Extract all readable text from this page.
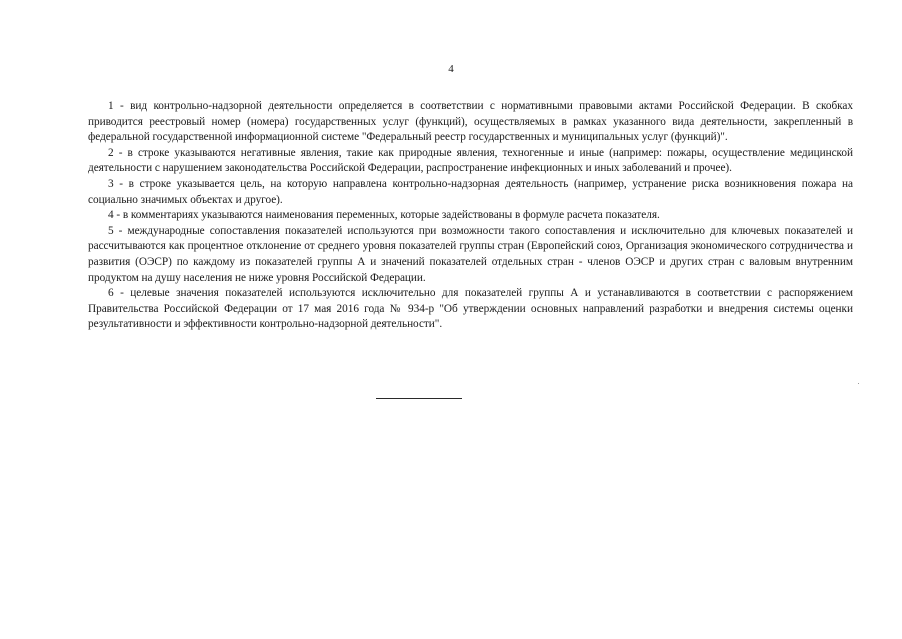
4

1 - вид контрольно-надзорной деятельности определяется в соответствии с нормативными правовыми актами Российской Федерации. В скобках приводится реестровый номер (номера) государственных услуг (функций), осуществляемых в рамках указанного вида деятельности, закрепленный в федеральной государственной информационной системе "Федеральный реестр государственных и муниципальных услуг (функций)".

2 - в строке указываются негативные явления, такие как природные явления, техногенные и иные (например: пожары, осуществление медицинской деятельности с нарушением законодательства Российской Федерации, распространение инфекционных и иных заболеваний и прочее).

3 - в строке указывается цель, на которую направлена контрольно-надзорная деятельность (например, устранение риска возникновения пожара на социально значимых объектах и другое).

4 - в комментариях указываются наименования переменных, которые задействованы в формуле расчета показателя.

5 - международные сопоставления показателей используются при возможности такого сопоставления и исключительно для ключевых показателей и рассчитываются как процентное отклонение от среднего уровня показателей группы стран (Европейский союз, Организация экономического сотрудничества и развития (ОЭСР) по каждому из показателей группы А и значений показателей отдельных стран - членов ОЭСР и других стран с валовым внутренним продуктом на душу населения не ниже уровня Российской Федерации.

6 - целевые значения показателей используются исключительно для показателей группы А и устанавливаются в соответствии с распоряжением Правительства Российской Федерации от 17 мая 2016 года № 934-р "Об утверждении основных направлений разработки и внедрения системы оценки результативности и эффективности контрольно-надзорной деятельности".
